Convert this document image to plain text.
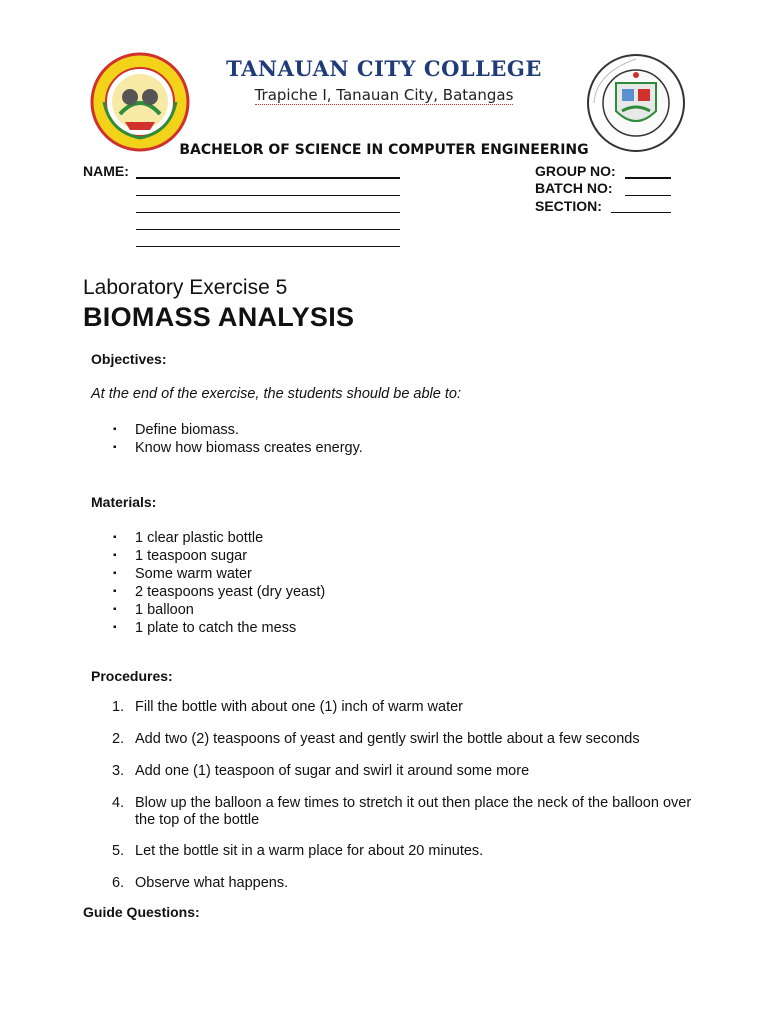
TANAUAN CITY COLLEGE
Trapiche I, Tanauan City, Batangas
BACHELOR OF SCIENCE IN COMPUTER ENGINEERING
NAME:	GROUP NO:
BATCH NO:
SECTION:
Laboratory Exercise 5
BIOMASS ANALYSIS
Objectives:
At the end of the exercise, the students should be able to:
▪ Define biomass.
▪ Know how biomass creates energy.
Materials:
▪ 1 clear plastic bottle
▪ 1 teaspoon sugar
▪ Some warm water
▪ 2 teaspoons yeast (dry yeast)
▪ 1 balloon
▪ 1 plate to catch the mess
Procedures:
1. Fill the bottle with about one (1) inch of warm water
2. Add two (2) teaspoons of yeast and gently swirl the bottle about a few seconds
3. Add one (1) teaspoon of sugar and swirl it around some more
4. Blow up the balloon a few times to stretch it out then place the neck of the balloon over the top of the bottle
5. Let the bottle sit in a warm place for about 20 minutes.
6. Observe what happens.
Guide Questions:
